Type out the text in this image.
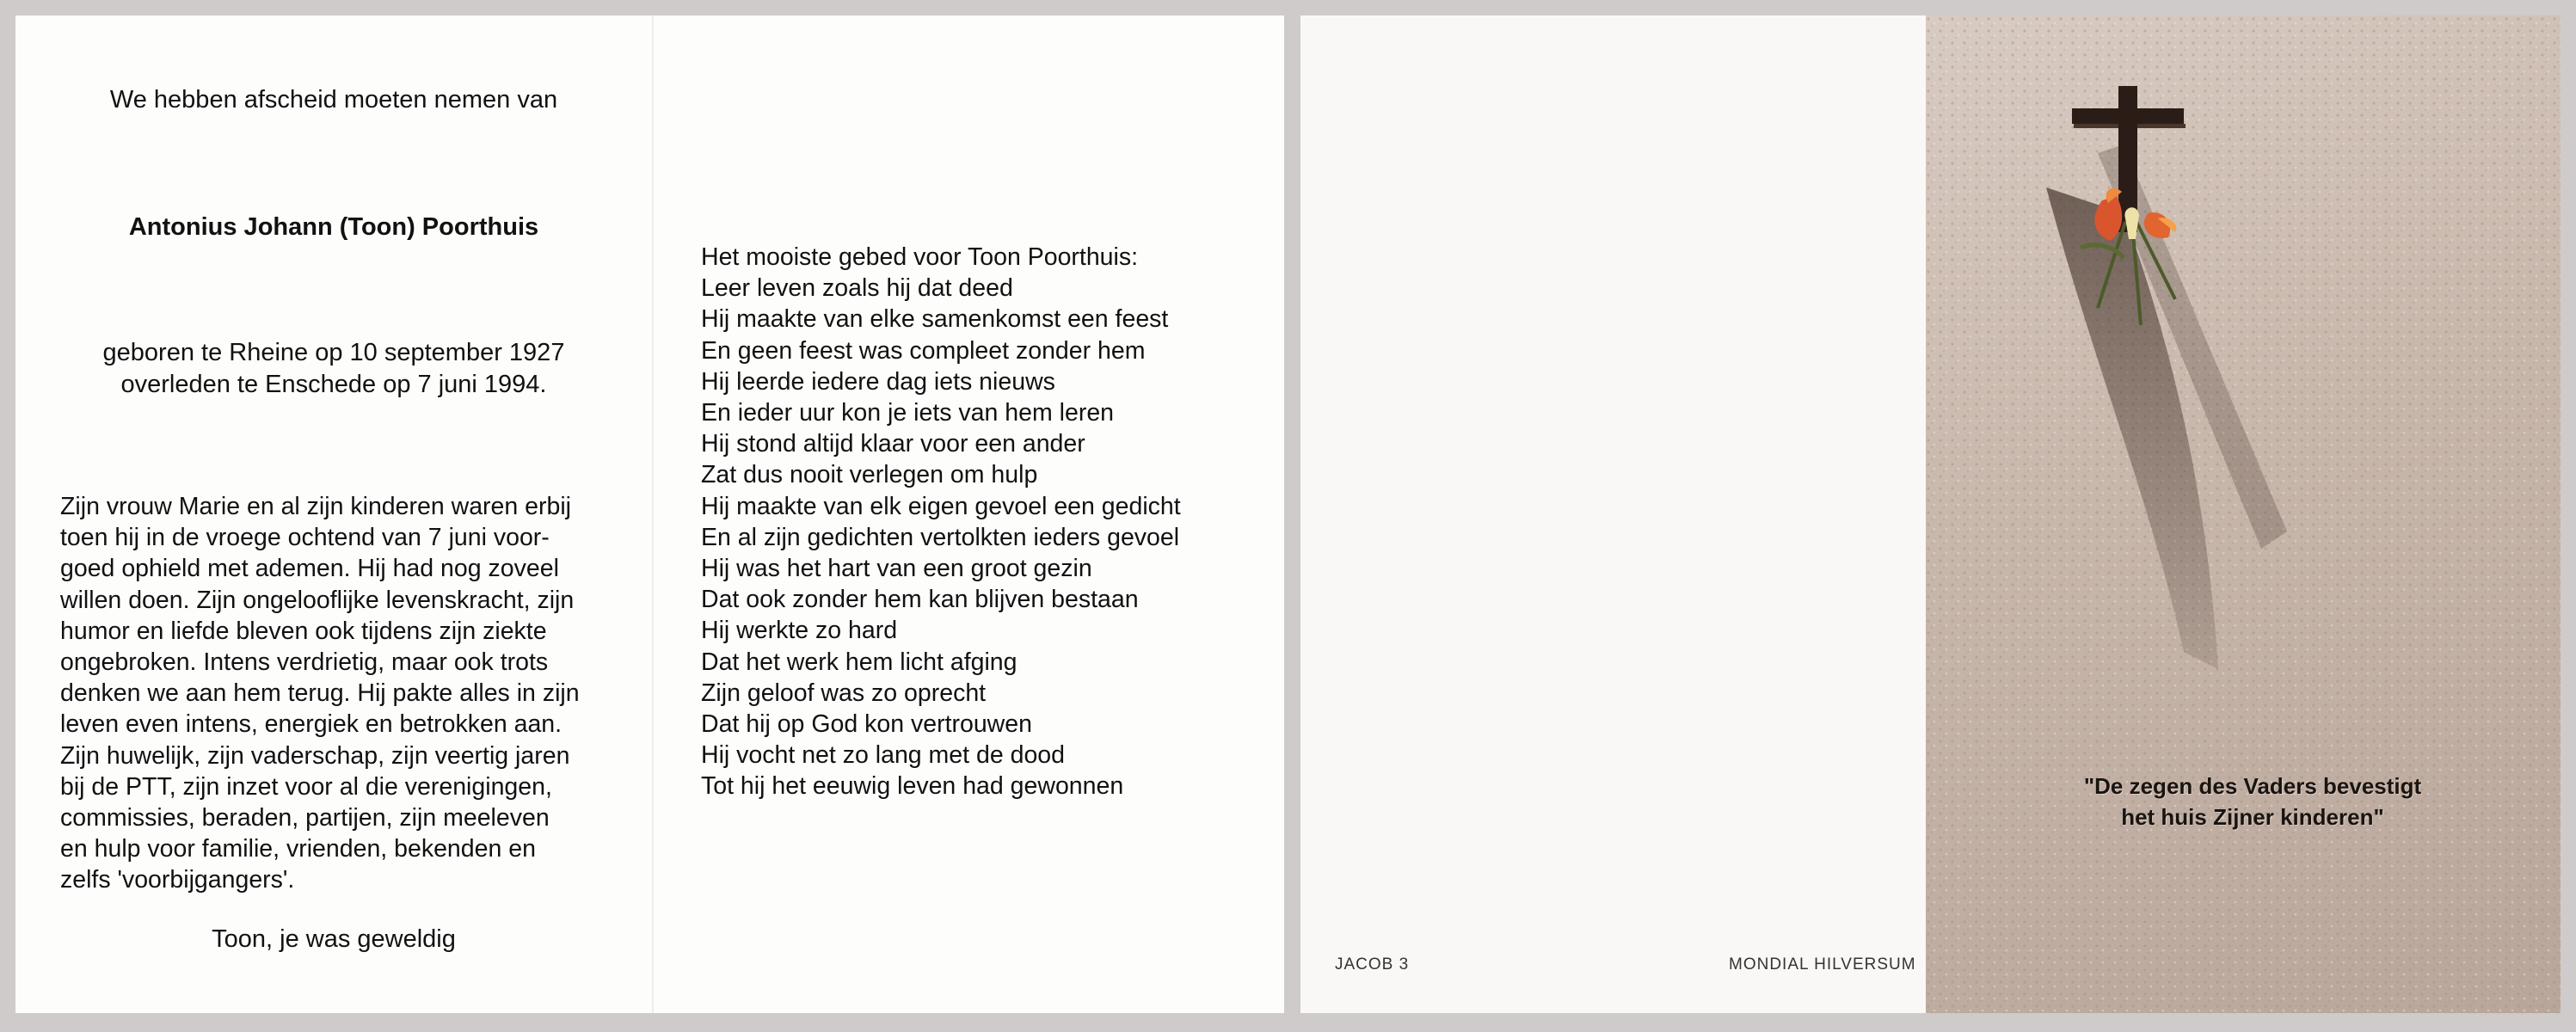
We hebben afscheid moeten nemen van
Antonius Johann (Toon) Poorthuis
geboren te Rheine op 10 september 1927
overleden te Enschede op 7 juni 1994.
Zijn vrouw Marie en al zijn kinderen waren erbij
toen hij in de vroege ochtend van 7 juni voor-
goed ophield met ademen. Hij had nog zoveel
willen doen. Zijn ongelooflijke levenskracht, zijn
humor en liefde bleven ook tijdens zijn ziekte
ongebroken. Intens verdrietig, maar ook trots
denken we aan hem terug. Hij pakte alles in zijn
leven even intens, energiek en betrokken aan.
Zijn huwelijk, zijn vaderschap, zijn veertig jaren
bij de PTT, zijn inzet voor al die verenigingen,
commissies, beraden, partijen, zijn meeleven
en hulp voor familie, vrienden, bekenden en
zelfs 'voorbijgangers'.
Toon, je was geweldig
Het mooiste gebed voor Toon Poorthuis:
Leer leven zoals hij dat deed
Hij maakte van elke samenkomst een feest
En geen feest was compleet zonder hem
Hij leerde iedere dag iets nieuws
En ieder uur kon je iets van hem leren
Hij stond altijd klaar voor een ander
Zat dus nooit verlegen om hulp
Hij maakte van elk eigen gevoel een gedicht
En al zijn gedichten vertolkten ieders gevoel
Hij was het hart van een groot gezin
Dat ook zonder hem kan blijven bestaan
Hij werkte zo hard
Dat het werk hem licht afging
Zijn geloof was zo oprecht
Dat hij op God kon vertrouwen
Hij vocht net zo lang met de dood
Tot hij het eeuwig leven had gewonnen
JACOB 3	MONDIAL HILVERSUM
"De zegen des Vaders bevestigt
het huis Zijner kinderen"
